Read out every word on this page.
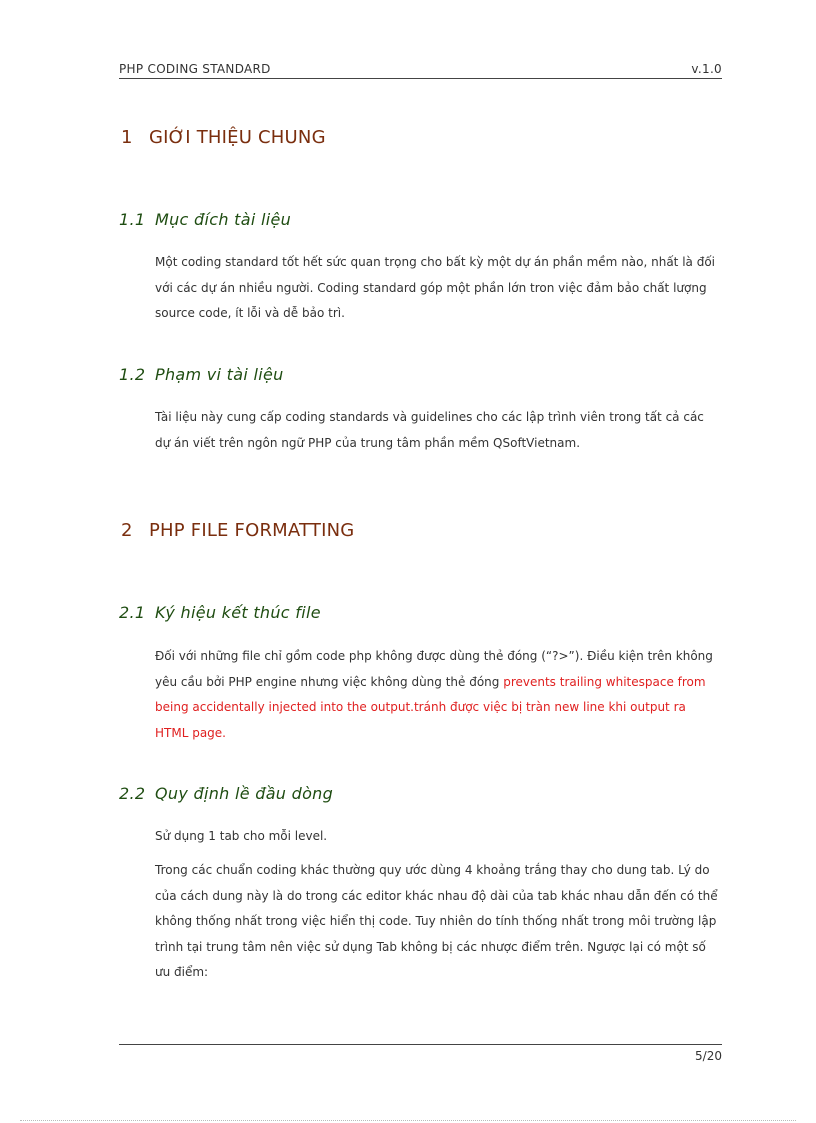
PHP CODING STANDARD	v.1.0
1 GIỚI THIỆU CHUNG
1.1 Mục đích tài liệu
Một coding standard tốt hết sức quan trọng cho bất kỳ một dự án phần mềm nào, nhất là đối với các dự án nhiều người. Coding standard góp một phần lớn tron việc đảm bảo chất lượng source code, ít lỗi và dễ bảo trì.
1.2 Phạm vi tài liệu
Tài liệu này cung cấp coding standards và guidelines cho các lập trình viên trong tất cả các dự án viết trên ngôn ngữ PHP của trung tâm phần mềm QSoftVietnam.
2 PHP FILE FORMATTING
2.1 Ký hiệu kết thúc file
Đối với những file chỉ gồm code php không được dùng thẻ đóng (“?>”). Điều kiện trên không yêu cầu bởi PHP engine nhưng việc không dùng thẻ đóng prevents trailing whitespace from being accidentally injected into the output.tránh được việc bị tràn new line khi output ra HTML page.
2.2 Quy định lề đầu dòng
Sử dụng 1 tab cho mỗi level.
Trong các chuẩn coding khác thường quy ước dùng 4 khoảng trắng thay cho dung tab. Lý do của cách dung này là do trong các editor khác nhau độ dài của tab khác nhau dẫn đến có thể không thống nhất trong việc hiển thị code. Tuy nhiên do tính thống nhất trong môi trường lập trình tại trung tâm nên việc sử dụng Tab không bị các nhược điểm trên. Ngược lại có một số ưu điểm:
5/20
